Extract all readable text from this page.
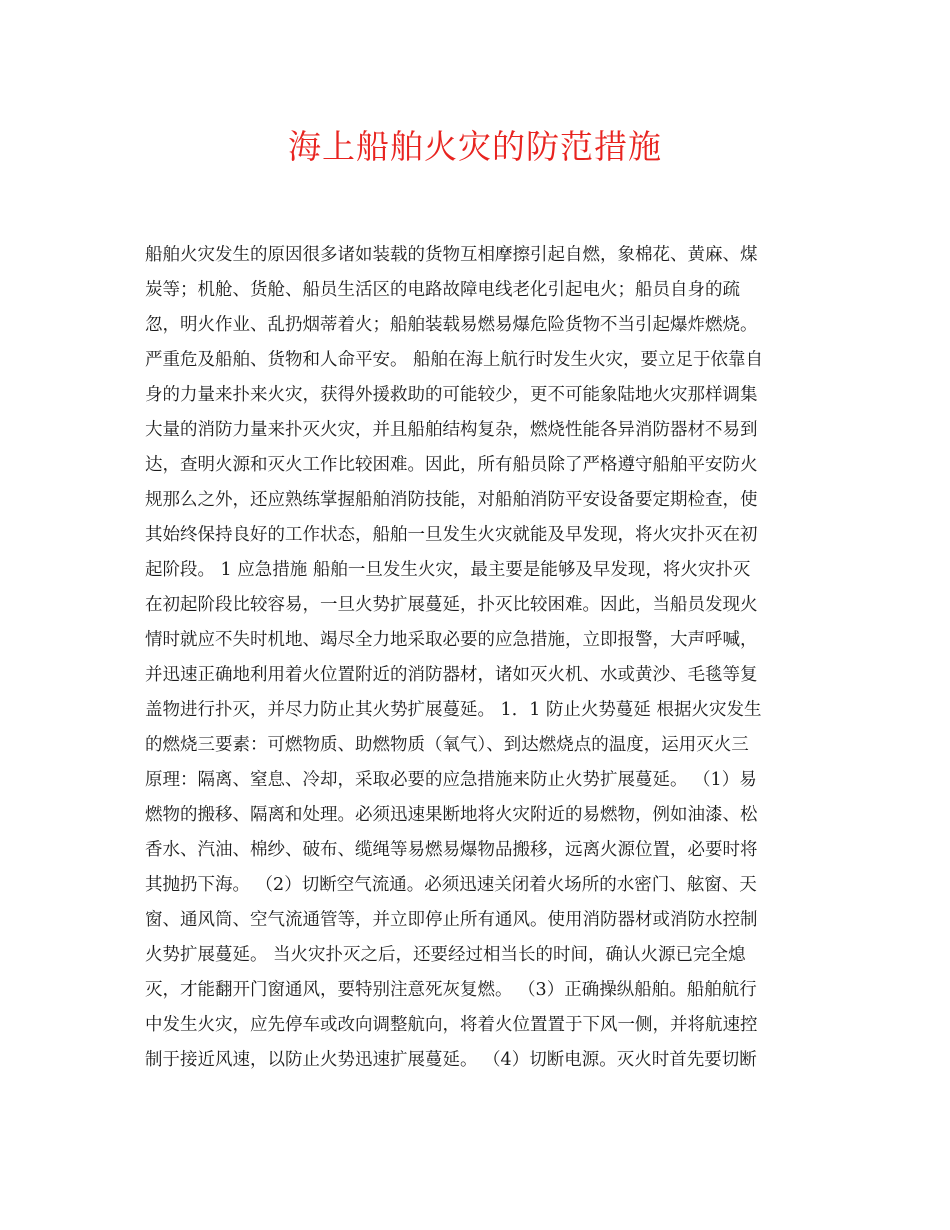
海上船舶火灾的防范措施
船舶火灾发生的原因很多诸如装载的货物互相摩擦引起自燃，象棉花、黄麻、煤
炭等；机舱、货舱、船员生活区的电路故障电线老化引起电火；船员自身的疏
忽，明火作业、乱扔烟蒂着火；船舶装载易燃易爆危险货物不当引起爆炸燃烧。
严重危及船舶、货物和人命平安。 船舶在海上航行时发生火灾，要立足于依靠自
身的力量来扑来火灾，获得外援救助的可能较少，更不可能象陆地火灾那样调集
大量的消防力量来扑灭火灾，并且船舶结构复杂，燃烧性能各异消防器材不易到
达，查明火源和灭火工作比较困难。因此，所有船员除了严格遵守船舶平安防火
规那么之外，还应熟练掌握船舶消防技能，对船舶消防平安设备要定期检查，使
其始终保持良好的工作状态，船舶一旦发生火灾就能及早发现，将火灾扑灭在初
起阶段。 1 应急措施 船舶一旦发生火灾，最主要是能够及早发现，将火灾扑灭
在初起阶段比较容易，一旦火势扩展蔓延，扑灭比较困难。因此，当船员发现火
情时就应不失时机地、竭尽全力地采取必要的应急措施，立即报警，大声呼喊，
并迅速正确地利用着火位置附近的消防器材，诸如灭火机、水或黄沙、毛毯等复
盖物进行扑灭，并尽力防止其火势扩展蔓延。 1．1 防止火势蔓延 根据火灾发生
的燃烧三要素：可燃物质、助燃物质（氧气）、到达燃烧点的温度，运用灭火三
原理：隔离、窒息、冷却，采取必要的应急措施来防止火势扩展蔓延。 （1）易
燃物的搬移、隔离和处理。必须迅速果断地将火灾附近的易燃物，例如油漆、松
香水、汽油、棉纱、破布、缆绳等易燃易爆物品搬移，远离火源位置，必要时将
其抛扔下海。 （2）切断空气流通。必须迅速关闭着火场所的水密门、舷窗、天
窗、通风筒、空气流通管等，并立即停止所有通风。使用消防器材或消防水控制
火势扩展蔓延。 当火灾扑灭之后，还要经过相当长的时间，确认火源已完全熄
灭，才能翻开门窗通风，要特别注意死灰复燃。 （3）正确操纵船舶。船舶航行
中发生火灾，应先停车或改向调整航向，将着火位置置于下风一侧，并将航速控
制于接近风速，以防止火势迅速扩展蔓延。 （4）切断电源。灭火时首先要切断
